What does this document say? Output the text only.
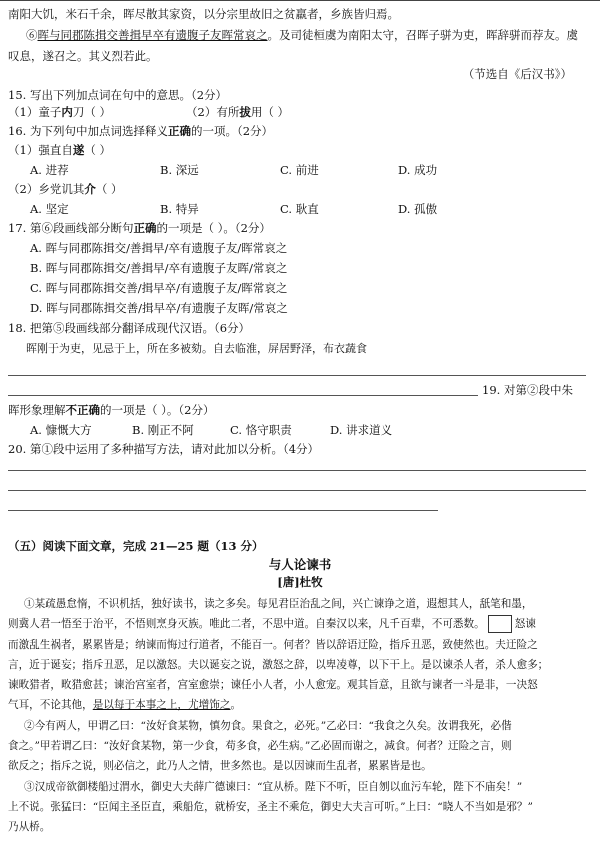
南阳大饥，米石千余，晖尽散其家资，以分宗里故旧之贫羸者，乡族皆归焉。
⑥晖与同郡陈揖交善揖早卒有遗腹子友晖常哀之。及司徒桓虞为南阳太守，召晖子骈为吏，晖辞骈而荐友。虞
叹息，遂召之。其义烈若此。
（节选自《后汉书》）
15. 写出下列加点词在句中的意思。（2分）
（1）童子内刀（ ）	（2）有所拔用（ ）
16. 为下列句中加点词选择释义正确的一项。（2分）
（1）强直自遂（ ）
A. 进荐	B. 深远	C. 前进	D. 成功
（2）乡党讥其介（ ）
A. 坚定	B. 特异	C. 耿直	D. 孤傲
17. 第⑥段画线部分断句正确的一项是（ ）。（2分）
A. 晖与同郡陈揖交/善揖早/卒有遗腹子友/晖常哀之
B. 晖与同郡陈揖交/善揖早/卒有遗腹子友晖/常哀之
C. 晖与同郡陈揖交善/揖早卒/有遗腹子友/晖常哀之
D. 晖与同郡陈揖交善/揖早卒/有遗腹子友晖/常哀之
18. 把第⑤段画线部分翻译成现代汉语。（6分）
晖刚于为吏，见忌于上，所在多被劾。自去临淮，屏居野泽，布衣蔬食
19. 对第②段中朱
晖形象理解不正确的一项是（ ）。（2分）
A. 慷慨大方	B. 刚正不阿	C. 恪守职责	D. 讲求道义
20. 第①段中运用了多种描写方法，请对此加以分析。（4分）
（五）阅读下面文章，完成 21—25 题（13 分）
与人论谏书
[唐]杜牧
①某疏愚怠惰，不识机括，独好读书，读之多矣。每见君臣治乱之间，兴亡谏诤之道，遐想其人，舐笔和墨，
则冀人君一悟至于治平，不悟则烹身灭族。唯此二者，不思中道。自秦汉以来，凡千百辈，不可悉数。	怒谏
而激乱生祸者，累累皆是；纳谏而悔过行道者，不能百一。何者？皆以辞语迂险，指斥丑恶，致使然也。夫迂险之
言，近于诞妄；指斥丑恶，足以激怒。夫以诞妄之说，激怒之辞，以卑凌尊，以下干上。是以谏杀人者，杀人愈多；
谏畋猎者，畋猎愈甚；谏治宫室者，宫室愈崇；谏任小人者，小人愈宠。观其旨意，且欲与谏者一斗是非，一决怒
气耳，不论其他，是以每于本事之上，尤增饰之。
②今有两人，甲谓乙曰：“汝好食某物，慎勿食。果食之，必死。”乙必曰：“我食之久矣。汝谓我死，必偕
食之。”甲若谓乙曰：“汝好食某物，第一少食，苟多食，必生病。”乙必固而谢之，减食。何者？迂险之言，则
欲反之；指斥之说，则必信之，此乃人之情，世多然也。是以因谏而生乱者，累累皆是也。
③汉成帝欲御楼船过渭水，御史大夫薛广德谏曰：“宜从桥。陛下不听，臣自刎以血污车轮，陛下不庙矣！”
上不说。张猛曰：“臣闻主圣臣直，乘船危，就桥安，圣主不乘危，御史大夫言可听。”上曰：“晓人不当如是邪？”
乃从桥。
